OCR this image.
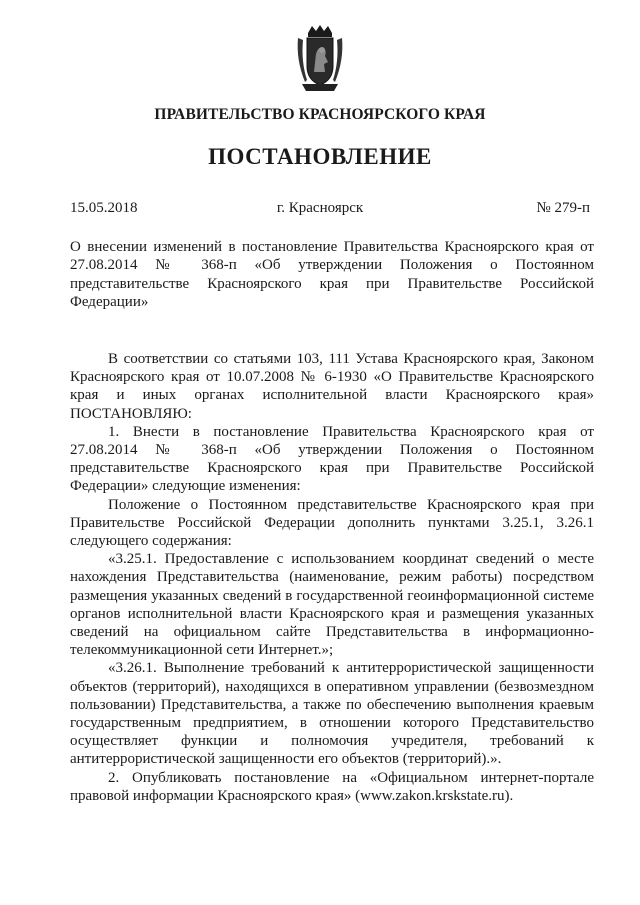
ПРАВИТЕЛЬСТВО КРАСНОЯРСКОГО КРАЯ
ПОСТАНОВЛЕНИЕ
15.05.2018	г. Красноярск	№ 279-п
О внесении изменений в постановление Правительства Красноярского края от 27.08.2014 № 368-п «Об утверждении Положения о Постоянном представительстве Красноярского края при Правительстве Российской Федерации»

В соответствии со статьями 103, 111 Устава Красноярского края, Законом Красноярского края от 10.07.2008 № 6-1930 «О Правительстве Красноярского края и иных органах исполнительной власти Красноярского края» ПОСТАНОВЛЯЮ:

1. Внести в постановление Правительства Красноярского края от 27.08.2014 № 368-п «Об утверждении Положения о Постоянном представительстве Красноярского края при Правительстве Российской Федерации» следующие изменения:

Положение о Постоянном представительстве Красноярского края при Правительстве Российской Федерации дополнить пунктами 3.25.1, 3.26.1 следующего содержания:

«3.25.1. Предоставление с использованием координат сведений о месте нахождения Представительства (наименование, режим работы) посредством размещения указанных сведений в государственной геоинформационной системе органов исполнительной власти Красноярского края и размещения указанных сведений на официальном сайте Представительства в информационно-телекоммуникационной сети Интернет.»;

«3.26.1. Выполнение требований к антитеррористической защищенности объектов (территорий), находящихся в оперативном управлении (безвозмездном пользовании) Представительства, а также по обеспечению выполнения краевым государственным предприятием, в отношении которого Представительство осуществляет функции и полномочия учредителя, требований к антитеррористической защищенности его объектов (территорий).».

2. Опубликовать постановление на «Официальном интернет-портале правовой информации Красноярского края» (www.zakon.krskstate.ru).
